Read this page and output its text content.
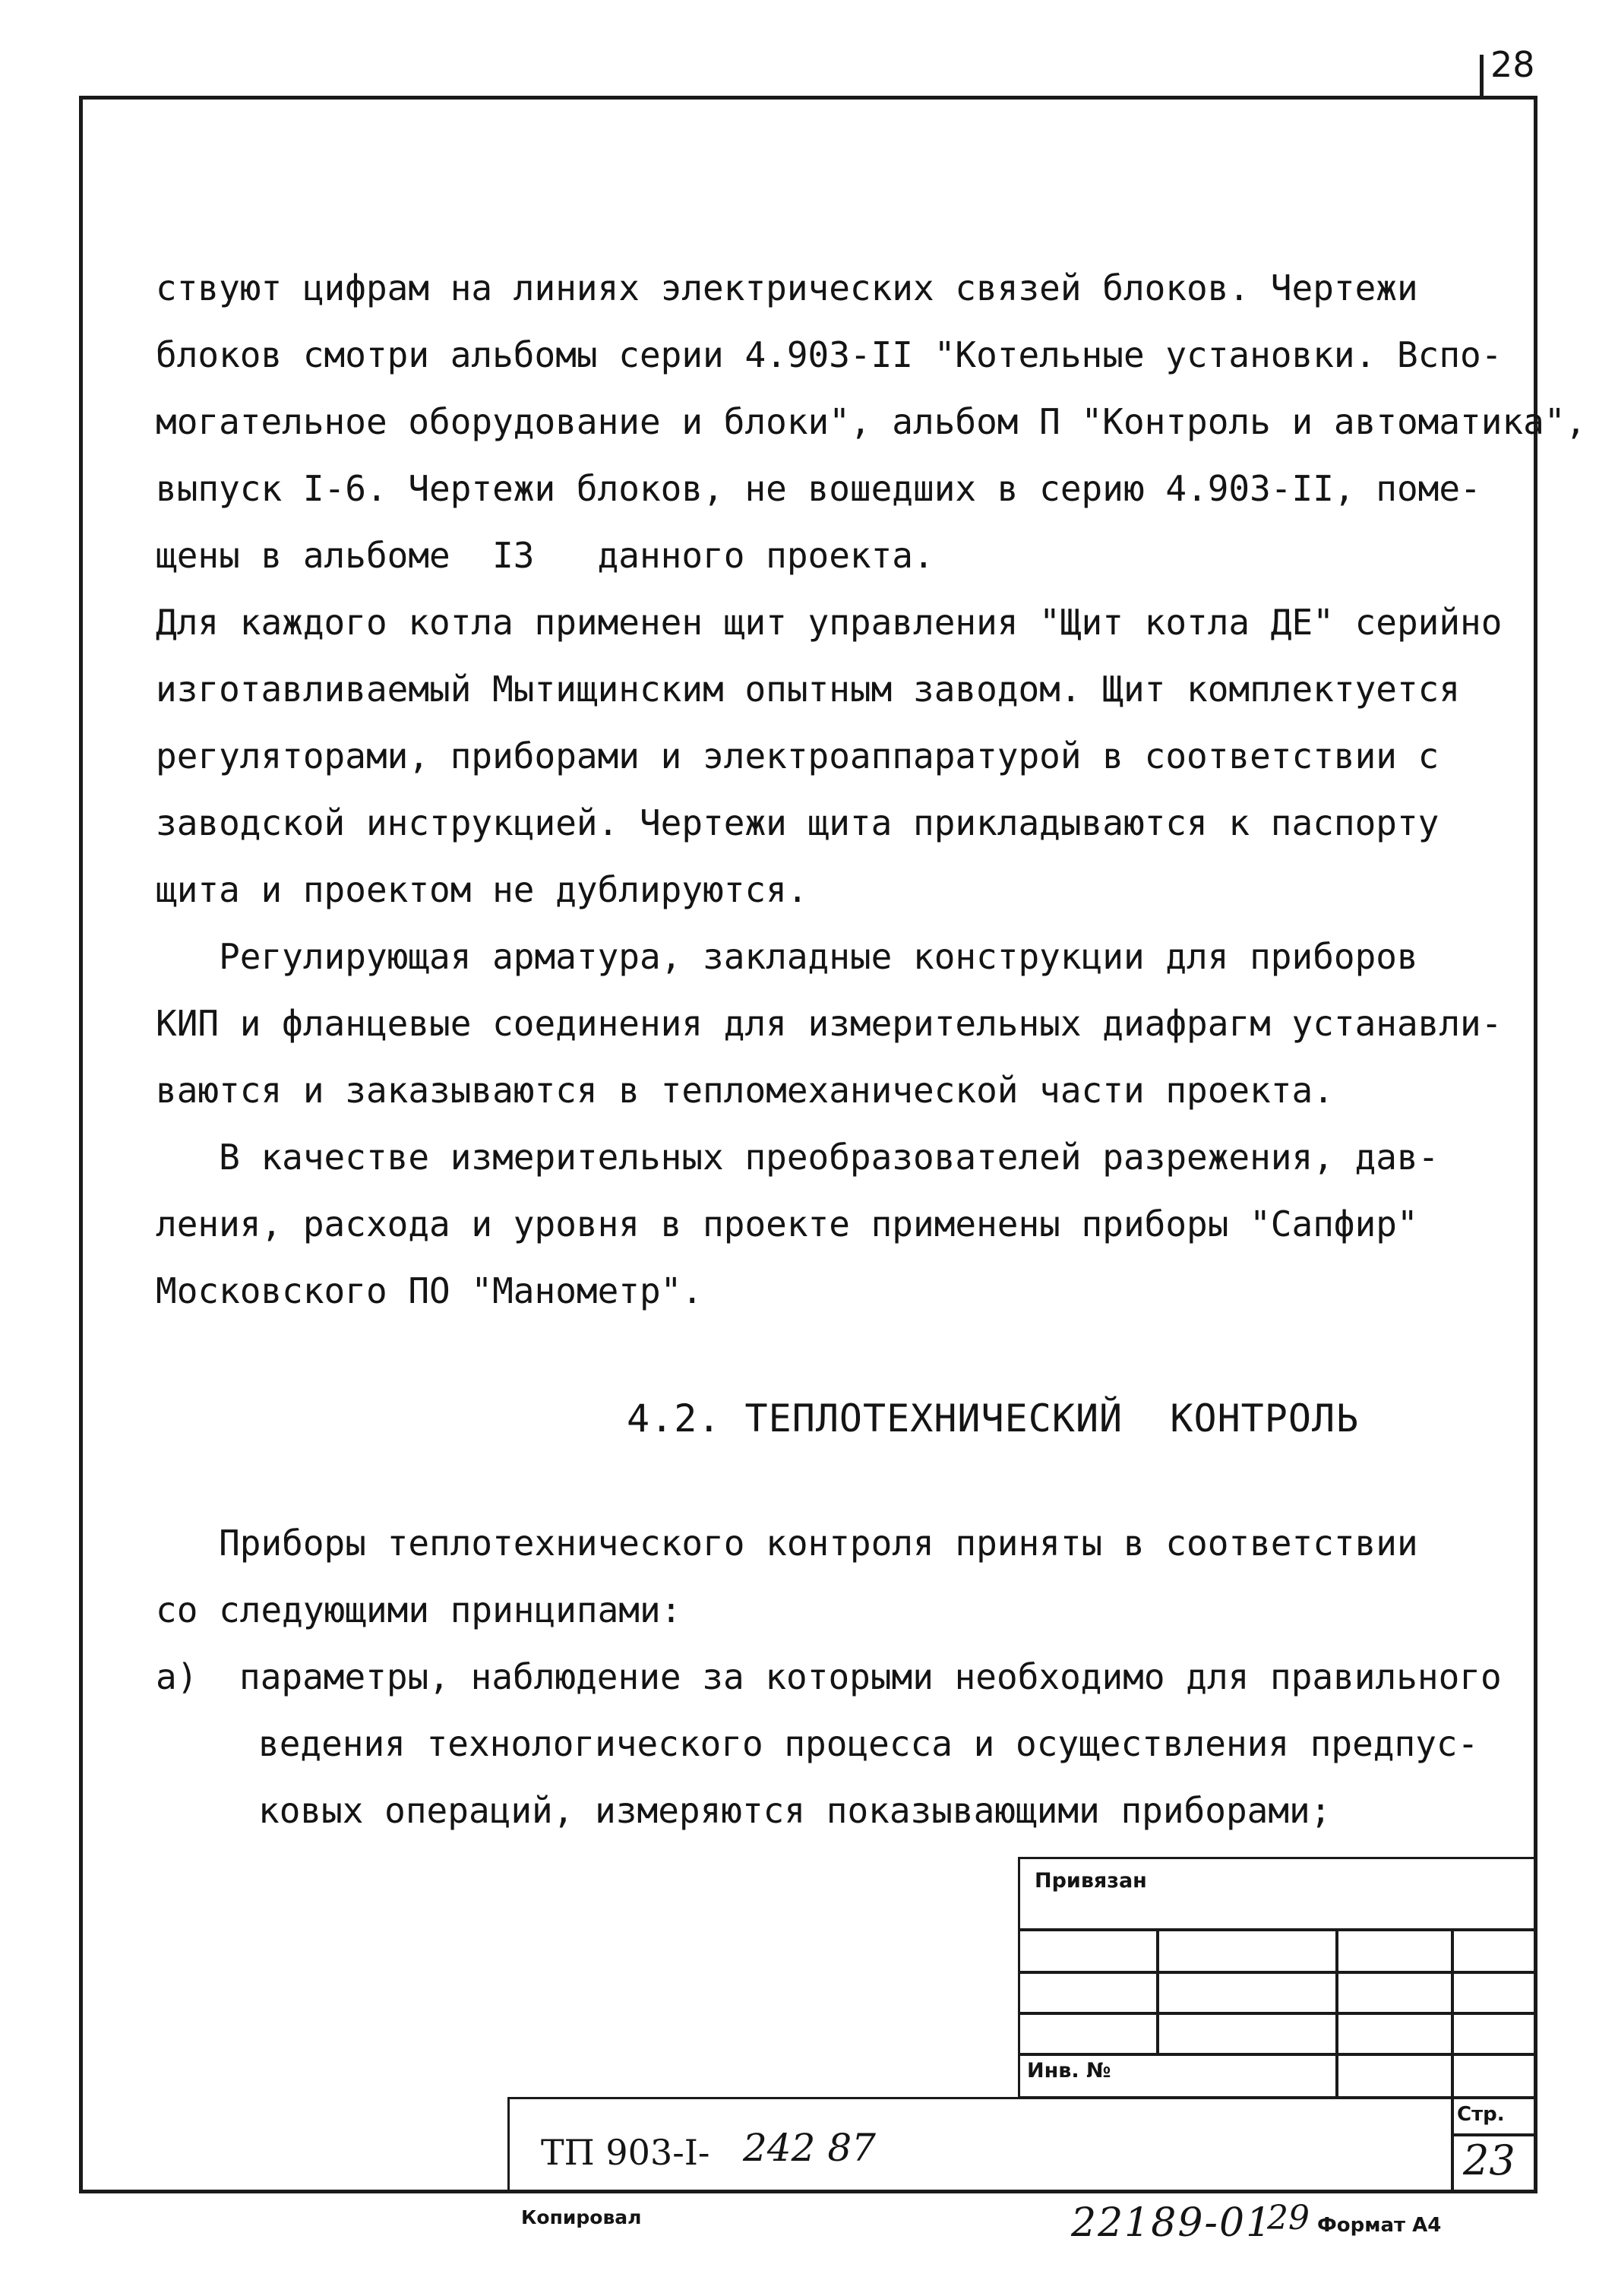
28
ствуют цифрам на линиях электрических связей блоков. Чертежи
блоков смотри альбомы серии 4.903-II "Котельные установки. Вспо-
могательное оборудование и блоки", альбом П "Контроль и автоматика",
выпуск I-6. Чертежи блоков, не вошедших в серию 4.903-II, поме-
щены в альбоме  I3   данного проекта.
Для каждого котла применен щит управления "Щит котла ДЕ" серийно
изготавливаемый Мытищинским опытным заводом. Щит комплектуется
регуляторами, приборами и электроаппаратурой в соответствии с
заводской инструкцией. Чертежи щита прикладываются к паспорту
щита и проектом не дублируются.
Регулирующая арматура, закладные конструкции для приборов
КИП и фланцевые соединения для измерительных диафрагм устанавли-
ваются и заказываются в тепломеханической части проекта.
В качестве измерительных преобразователей разрежения, дав-
ления, расхода и уровня в проекте применены приборы "Сапфир"
Московского ПО "Манометр".
4.2. ТЕПЛОТЕХНИЧЕСКИЙ  КОНТРОЛЬ
Приборы теплотехнического контроля приняты в соответствии
со следующими принципами:
а) параметры, наблюдение за которыми необходимо для правильного
ведения технологического процесса и осуществления предпус-
ковых операций, измеряются показывающими приборами;
Привязан
Инв. №
ТП 903-I- 242 87
Стр.
23
Копировал	22189-01
29 Формат А4
